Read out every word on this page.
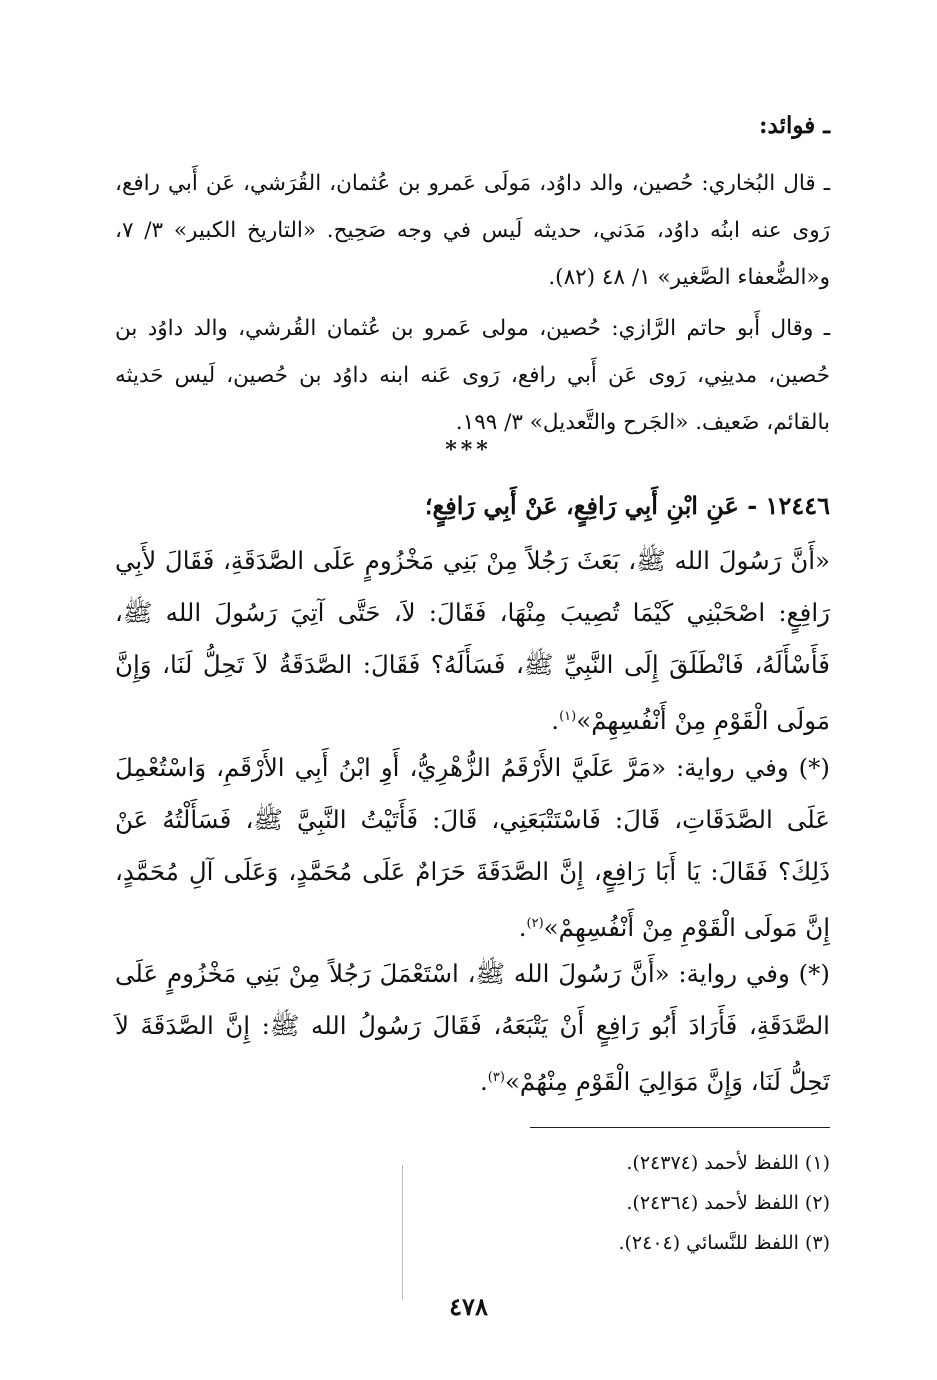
ـ فوائد:

ـ قال البُخاري: حُصين، والد داوُد، مَولَى عَمرو بن عُثمان، القُرَشي، عَن أَبي رافع، رَوى عنه ابنُه داوُد، مَدَني، حديثه لَيس في وجه صَحِيح. «التاريخ الكبير» ٣/ ٧، و«الضُّعفاء الصَّغير» ١/ ٤٨ (٨٢).

ـ وقال أَبو حاتم الرَّازي: حُصين، مولى عَمرو بن عُثمان القُرشي، والد داوُد بن حُصين، مدينِي، رَوى عَن أَبي رافع، رَوى عَنه ابنه داوُد بن حُصين، لَيس حَديثه بالقائم، ضَعيف. «الجَرح والتَّعديل» ٣/ ١٩٩.

***
١٢٤٤٦ - عَنِ ابْنِ أَبِي رَافِعٍ، عَنْ أَبِي رَافِعٍ؛

«أَنَّ رَسُولَ الله ﷺ، بَعَثَ رَجُلاً مِنْ بَنِي مَخْزُومٍ عَلَى الصَّدَقَةِ، فَقَالَ لأَبِي رَافِعٍ: اصْحَبْنِي كَيْمَا تُصِيبَ مِنْهَا، فَقَالَ: لاَ، حَتَّى آتِيَ رَسُولَ الله ﷺ، فَأَسْأَلَهُ، فَانْطَلَقَ إِلَى النَّبِيِّ ﷺ، فَسَأَلَهُ؟ فَقَالَ: الصَّدَقَةُ لاَ تَحِلُّ لَنَا، وَإِنَّ مَولَى الْقَوْمِ مِنْ أَنْفُسِهِمْ»$^{(١)}$.

(*) وفي رواية: «مَرَّ عَلَيَّ الأَرْقَمُ الزُّهْرِيُّ، أَوِ ابْنُ أَبِي الأَرْقَمِ، وَاسْتُعْمِلَ عَلَى الصَّدَقَاتِ، قَالَ: فَاسْتَتْبَعَنِي، قَالَ: فَأَتَيْتُ النَّبِيَّ ﷺ، فَسَأَلْتُهُ عَنْ ذَلِكَ؟ فَقَالَ: يَا أَبَا رَافِعٍ، إِنَّ الصَّدَقَةَ حَرَامٌ عَلَى مُحَمَّدٍ، وَعَلَى آلِ مُحَمَّدٍ، إِنَّ مَولَى الْقَوْمِ مِنْ أَنْفُسِهِمْ»$^{(٢)}$.

(*) وفي رواية: «أَنَّ رَسُولَ الله ﷺ، اسْتَعْمَلَ رَجُلاً مِنْ بَنِي مَخْزُومٍ عَلَى الصَّدَقَةِ، فَأَرَادَ أَبُو رَافِعٍ أَنْ يَتْبَعَهُ، فَقَالَ رَسُولُ الله ﷺ: إِنَّ الصَّدَقَةَ لاَ تَحِلُّ لَنَا، وَإِنَّ مَوَالِيَ الْقَوْمِ مِنْهُمْ»$^{(٣)}$.

(١) اللفظ لأحمد (٢٤٣٧٤).
(٢) اللفظ لأحمد (٢٤٣٦٤).
(٣) اللفظ للنَّسائي (٢٤٠٤).
٤٧٨
